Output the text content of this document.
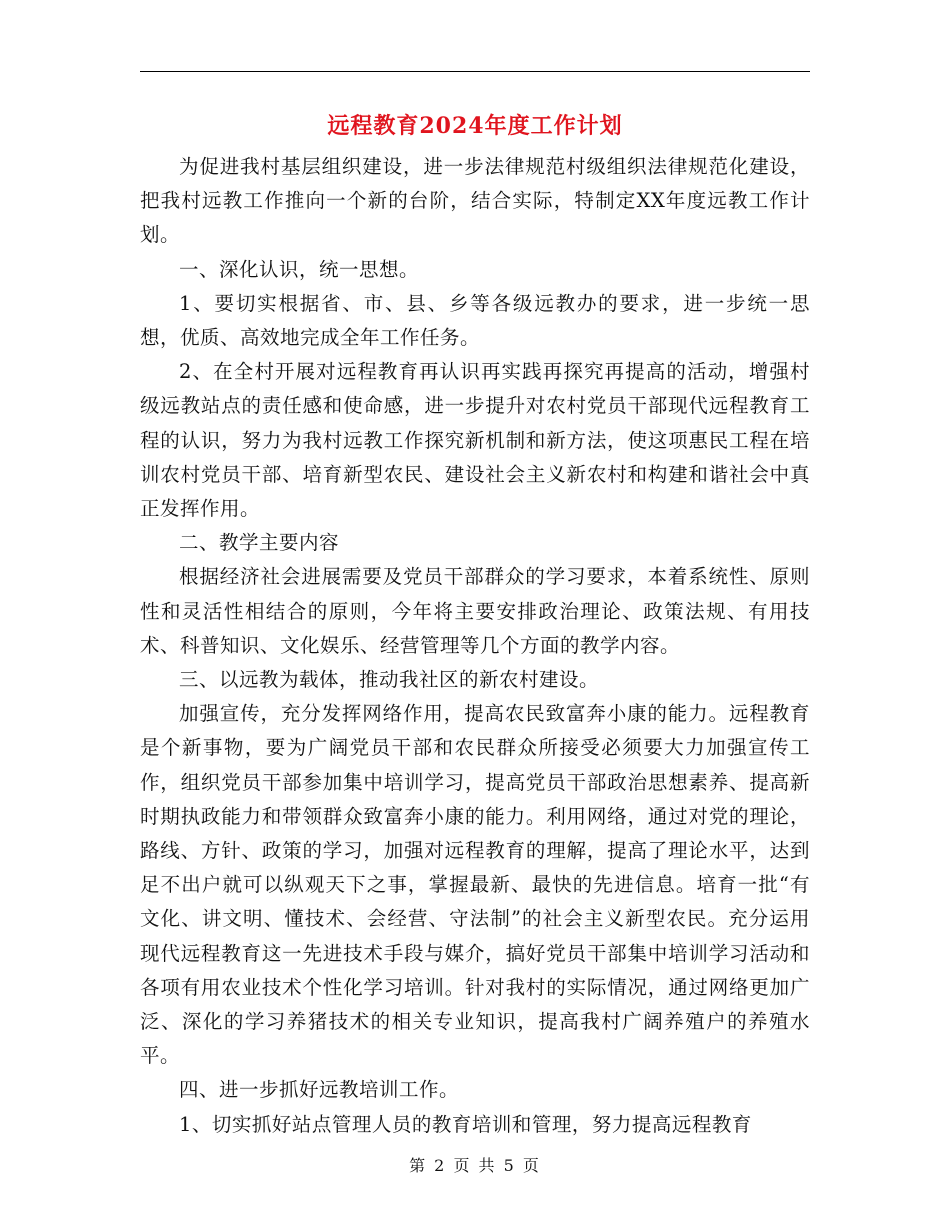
远程教育2024年度工作计划

为促进我村基层组织建设，进一步法律规范村级组织法律规范化建设，把我村远教工作推向一个新的台阶，结合实际，特制定XX年度远教工作计划。

一、深化认识，统一思想。

1、要切实根据省、市、县、乡等各级远教办的要求，进一步统一思想，优质、高效地完成全年工作任务。

2、在全村开展对远程教育再认识再实践再探究再提高的活动，增强村级远教站点的责任感和使命感，进一步提升对农村党员干部现代远程教育工程的认识，努力为我村远教工作探究新机制和新方法，使这项惠民工程在培训农村党员干部、培育新型农民、建设社会主义新农村和构建和谐社会中真正发挥作用。

二、教学主要内容

根据经济社会进展需要及党员干部群众的学习要求，本着系统性、原则性和灵活性相结合的原则，今年将主要安排政治理论、政策法规、有用技术、科普知识、文化娱乐、经营管理等几个方面的教学内容。

三、以远教为载体，推动我社区的新农村建设。

加强宣传，充分发挥网络作用，提高农民致富奔小康的能力。远程教育是个新事物，要为广阔党员干部和农民群众所接受必须要大力加强宣传工作，组织党员干部参加集中培训学习，提高党员干部政治思想素养、提高新时期执政能力和带领群众致富奔小康的能力。利用网络，通过对党的理论，路线、方针、政策的学习，加强对远程教育的理解，提高了理论水平，达到足不出户就可以纵观天下之事，掌握最新、最快的先进信息。培育一批“有文化、讲文明、懂技术、会经营、守法制”的社会主义新型农民。充分运用现代远程教育这一先进技术手段与媒介，搞好党员干部集中培训学习活动和各项有用农业技术个性化学习培训。针对我村的实际情况，通过网络更加广泛、深化的学习养猪技术的相关专业知识，提高我村广阔养殖户的养殖水平。

四、进一步抓好远教培训工作。

1、切实抓好站点管理人员的教育培训和管理，努力提高远程教育

第 2 页 共 5 页
